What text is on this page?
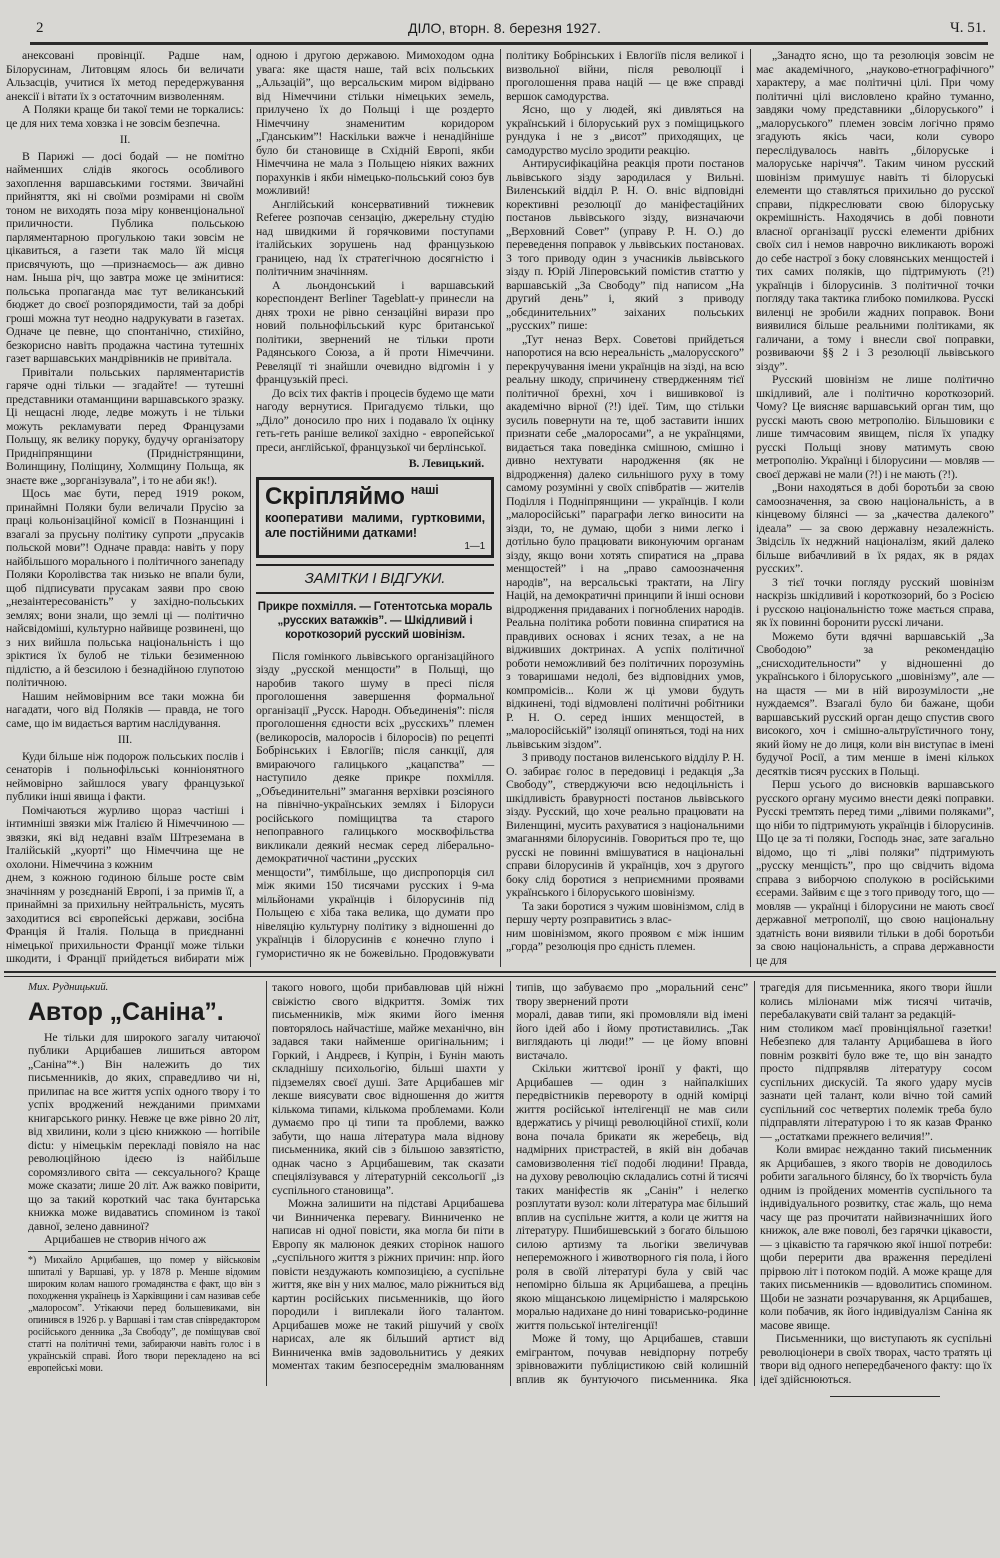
2	ДІЛО, вторн. 8. березня 1927.	Ч. 51.

анексовані провінції. Радше нам, Білорусинам, Литовцям ялось би величати Альзасців, учитися їх метод передержування анексії і вітати їх з остаточним визволенням.

А Поляки краще би такої теми не торкались: це для них тема ховзка і не зовсім безпечна.

II.

В Парижі — досі бодай — не помітно найменших слідів якогось особливого захоплення варшавськими гостями. Звичайні прийняття, які ні своїми розмірами ні своїм тоном не виходять поза міру конвенціональної приличности. Публика польською парляментарною прогулькою таки зовсім не цікавиться, а газети так мало їй місця присвячують, що —признаємось— аж дивно нам. Іньша річ, що завтра може це змінитися: польська пропаганда має тут великанський бюджет до своєї розпорядимости, тай за добрі гроші можна тут неодно надрукувати в газетах. Одначе це певне, що спонтанічно, стихійно, безкорисно навіть продажна частина тутешніх газет варшавських мандрівників не привітала.

Привітали польських парляментаристів гаряче одні тільки — згадайте! — тутешні представники отаманщини варшавського зразку. Ці нещасні люде, ледве можуть і не тільки можуть рекламувати перед Французами Польщу, як велику поруку, будучу організатору Придніпрянщини (Придністрянщини, Волинщину, Поліщину, Холмщину Польща, як знаєте вже „зорганізувала”, і то не аби як!).

Щось має бути, перед 1919 роком, принаймні Поляки були величали Прусію за праці кольонізаційної комісії в Познанщині і взагалі за прусьну політику супроти „прусаків польской мови”! Одначе правда: навіть у пору найбільшого морального і політичного занепаду Поляки Королівства так низько не впали були, щоб підписувати прусакам заяви про свою „незаінтересованість” у західно-польських землях; вони знали, що землі ці — політично найсвідоміші, культурно найвище розвинені, що з них вийшла польська національність і що зріктися їх булоб не тільки безименною підлістю, а й безсилою і безнадійною глупотою політичною.

Нашим неймовірним все таки можна би нагадати, чого від Поляків — правда, не того саме, що ім видається вартим наслідування.

III.

Куди більше ніж подорож польських послів і сенаторів і польнофільські конніонятного неймовірно зайшлося увагу французької публики інші явища і факти.

Помічаються журливо щораз частіші і інтимніші звязки між Італією й Німеччиною — звязки, які від недавні взаїм Штреземана в Італійській „куорті” що Німеччина ще не охолони. Німеччина з кожним

днем, з кожною годиною більше росте свім значінням у розєднаній Европі, і за примів її, а принаймні за прихильну нейтральність, мусять заходитися всі європейські держави, зосібна Франція й Італія. Польща в приєднанні німецької прихильности Франції може тільки шкодити, і Франції прийдеться вибирати між одною і другою державою. Мимоходом одна увага: яке щастя наше, тай всіх польських „Альзацій”, що версальским миром відірвано від Німеччини стільки німецьких земель, прилучено їх до Польщі і ще роздерто Німеччину знаменитим коридором „Гданським”! Наскільки важче і ненадійніше було би становище в Східній Европі, якби Німеччина не мала з Польщею ніяких важних порахунків і якби німецько-польський союз був можливий!

Англійський консервативний тижневик Referee розпочав сензацію, джерельну студію над швидкими й горячковими поступами італійських зорушень над французькою границею, над їх стратегічною досягністю і політичним значінням.

А льондонський і варшавський кореспондент Berliner Tageblatt-у принесли на днях трохи не рівно сензаційні вирази про новий польнофільський курс британської політики, звернений не тільки проти Радянського Союза, а й проти Німеччини. Ревеляції ті знайшли очевидно відгомін і у французькій пресі.

До всіх тих фактів і процесів будемо ще мати нагоду вернутися. Пригадуємо тільки, що „Діло” доносило про них і подавало їх оцінку геть-геть раніше великої західно - европейської преси, англійської, французької чи берлінської.

В. Левицький.
Скріпляймо наші кооперативи малими, гуртковими, але постійними датками!
1—1
ЗАМІТКИ І ВІДГУКИ.
Прикре похмілля. — Готентотська мораль „русских ватажків”. — Шкідливий і короткозорий русский шовінізм.

Після гомінкого львівського організаційного зізду „русской менщости” в Польщі, що наробив такого шуму в пресі після проголошення завершення формальної організації „Русск. Народн. Объединенія”: після проголошення єдности всіх „русскихъ” племен (великоросів, малоросів і білоросів) по рецепті Бобрінських і Евлогіїв; після санкції, для вмираючого галицького „кацапства” — наступило деяке прикре похмілля. „Объединительні” змагання верхівки розсіяного на північно-українських землях і Білоруси російського поміщицтва та старого непоправного галицького москвофільства викликали деякий несмак серед ліберально-демократичної частини „русских

менщости”, тимбільше, що диспропорція сил між якими 150 тисячами русских і 9-ма мільйонами українців і білорусинів під Польщею є хіба така велика, що думати про нівеляцію культурну політику з відношенні до українців і білорусинів є конечно глупо і гумористично як не божевільно. Продовжувати політику Бобрінських і Евлогіїв після великої і визвольної війни, після революції і проголошення права націй — це вже справді вершок самодурства.

Ясно, що у людей, які дивляться на український і білоруський рух з поміщицького рундука і не з „висот” приходящих, це самодурство мусіло зродити реакцію.

Антирусифікаційна реакція проти постанов львівського зізду зародилася у Вильні. Виленський відділ Р. Н. О. вніс відповідні корективні резолюції до маніфестаційних постанов львівського зізду, визначаючи „Верховний Совет” (управу Р. Н. О.) до переведення поправок у львівських постановах. З того приводу один з учасників львівського зізду п. Юрій Ліперовський помістив статтю у варшавській „За Свободу” під написом „На другий день” і, який з приводу „обєдинительних” заіханих польських „русских” пише:

„Тут неназ Верх. Советові прийдеться напоротися на всю нереальність „малорусского” перекручування імени українців на зізді, на всю реальну шкоду, спричинену ствердженням тієї політичної брехні, хоч і вишивкової із академічно вірної (?!) ідеї. Тим, що стільки зусиль повернути на те, щоб заставити інших признати себе „малоросами”, а не українцями, видається така поведінка смішною, смішно і дивно нехтувати народження (як не відродження) далеко сильнішого руху в тому самому розумінні у своїх співбратів — жителів Поділля і Подніпрянщини — українців. І коли „малоросійські” параграфи легко виносити на зізди, то, не думаю, щоби з ними легко і дотільно було працювати виконуючим органам зізду, якщо вони хотять спиратися на „права менщостей” і на „право самоозначення народів”, на версальські трактати, на Лігу Націй, на демократичні принципи й інші основи відродження придаваних і погноблених народів. Реальна політика роботи повинна спиратися на правдивих основах і ясних тезах, а не на відживших доктринах. А успіх політичної роботи неможливий без політичних порозумінь з товаришами недолі, без відповідних умов, компромісів... Коли ж ці умови будуть відкинені, тоді відмовлені політичні робітники Р. Н. О. серед інших менщостей, в „малоросійській” ізоляції опиняться, тоді на них львівським зіздом”.

З приводу постанов виленського відділу Р. Н. О. забирає голос в передовиці і редакція „За Свободу”, стверджуючи всю недоцільність і шкідливість бравурності постанов львівського зізду. Русский, що хоче реально працювати на Виленщині, мусить рахуватися з національними змаганнями білорусинів. Говориться про те, що русскі не повинні вмішуватися в національні справи білорусинів й українців, хоч з другого боку слід боротися з неприємними проявами українського і білоруського шовінізму.

Та заки боротися з чужим шовінізмом, слід в першу черту розправитись з влас-

ним шовінізмом, якого проявом є між іншим „горда” резолюція про єдність племен.

„Занадто ясно, що та резолюція зовсім не має академічного, „науково-етнографічного” характеру, а має політичні цілі. При чому політичні цілі висловлено крайно туманно, завдяки чому представники „білоруського” і „малоруського” племен зовсім логічно прямо згадують якісь часи, коли суворо переслідувалось навіть „білоруське і малоруське наріччя”. Таким чином русский шовінізм примушує навіть ті білоруські елементи що ставляться прихильно до русскої справи, підкреслювати свою білоруську окремішність. Находячись в добі повноти власної організації русскі елементи дрібних своїх сил і немов наврочно викликають ворожі до себе настрої з боку словянських менщостей і тих самих поляків, що підтримують (?!) українців і білорусинів. З політичної точки погляду така тактика глибоко помилкова. Русскі виленці не зробили жадних поправок. Вони виявилися більше реальними політиками, як галичани, а тому і внесли свої поправки, розвиваючи §§ 2 і 3 резолюції львівського зізду”.

Русский шовінізм не лише політично шкідливий, але і політично короткозорий. Чому? Це виясняє варшавський орган тим, що русскі мають свою метрополію. Більшовики є лише тимчасовим явищем, після їх упадку русскі Польщі знову матимуть свою метрополію. Українці і білорусини — мовляв — своєї державі не мали (?!) і не мають (?!).

„Вони находяться в добі боротьби за свою самоозначення, за свою національність, а в кінцевому білянсі — за „качества далекого” ідеала” — за свою державну незалежність. Звідсіль їх неджний націоналізм, який далеко більше вибачливий в їх рядах, як в рядах русских”.

З тієї точки погляду русский шовінізм наскрізь шкідливий і короткозорий, бо з Росією і русскою національністю тоже мається справа, як їх повинні боронити русскі личани.

Можемо бути вдячні варшавській „За Свободою” за рекомендацію „снисходительности” у відношенні до українського і білоруського „шовінізму”, але — на щастя — ми в ній вирозумілости „не нуждаемся”. Взагалі було би бажане, щоби варшавський русский орган дещо спустив свого високого, хоч і смішно-альтруїстичного тону, який йому не до лиця, коли він виступає в імені будучої Росії, а тим менше в імені кількох десятків тисяч русских в Польщі.

Перш усього до висновків варшавського русского органу мусимо внести деякі поправки. Русскі тремтять перед тими „лівими поляками”, що ніби то підтримують українців і білорусинів. Що це за ті поляки, Господь знає, зате загально відомо, що ті „ліві поляки” підтримують „русску менщість”, про що свідчить відома справа з виборчою сполукою в російськими єсерами. Зайвим є ще з того приводу того, що — мовляв — українці і білорусини не мають своєї державної метрополії, що свою національну здатність вони виявили тільки в добі боротьби за свою національність, а справа державности це для

Мих. Рудницький.
Автор „Саніна”.

Не тільки для широкого загалу читаючої публики Арцибашев лишиться автором „Саніна”*.) Він належить до тих письменників, до яких, справедливо чи ні, прилипає на все життя успіх одного твору і то успіх вроджений нежданими примхами книгарського ринку. Невже це вже рівно 20 літ, від хвилини, коли з цією книжкою — horribile dictu: у німецькім перекладі повіяло на нас революційною ідеєю із найбільше соромязливого світа — сексуального? Краще може сказати; лише 20 літ. Аж важко повірити, що за такий короткий час така бунтарська книжка може видаватись спомином із такої давної, зелено давниної?

Арцибашев не створив нічого аж

*) Михайло Арцибашев, що помер у військовім шпиталі у Варшаві, ур. у 1878 р. Менше відомим широким колам нашого громадянства є факт, що він з походження українець із Харківщини і сам називав себе „малоросом”. Утікаючи перед большевиками, він опинився в 1926 р. у Варшаві і там став співредактором російського денника „За Свободу”, де поміщував свої статті на політичні теми, забираючи навіть голос і в українській справі. Його твори перекладено на всі европейські мови.

такого нового, щоби прибавлював цій ніжні свіжістю свого відкриття. Зоміж тих письменників, між якими його імення повторялось найчастіше, майже механічно, він задався таки найменше оригінальним; і Горкий, і Андреєв, і Купрін, і Бунін мають складнішу психольогію, більші шахти у підземелях своєї душі. Зате Арцибашев міг лекше виясувати своє відношення до життя кількома типами, кількома проблемами. Коли думаємо про ці типи та проблеми, важко забути, що наша література мала віднову письменника, який сів з більшою завзятістю, однак часно з Арцибашевим, так сказати спеціялізувався у літературній сексольогії „із суспільного становища”.

Можна залишити на підставі Арцибашева чи Винниченка перевагу. Винниченко не написав ні одної повісти, яка могла би піти в Европу як малюнок деяких сторінок нашого „суспільного життя з ріжних причин: нпр. його повісти нездужають композицією, а суспільне життя, яке він у них малює, мало ріжниться від картин російських письменників, що його породили і виплекали його талантом. Арцибашев може не такий рішучий у своїх нарисах, але як більший артист від Винниченка вмів задовольнитись у деяких моментах таким безпосереднім змалюванням типів, що забуваємо про „моральний сенс” твору звернений проти

моралі, давав типи, які промовляли від імені його ідей або і йому протиставились. „Так виглядають ці люди!” — це йому вповні вистачало.

Скільки життєвої іронії у факті, що Арцибашев — один з найпалкіших передвістників перевороту в одній комірці життя російської інтелігенції не мав сили вдержатись у річищі революційної стихії, коли вона почала брикати як жеребець, від надмірних пристрастей, в якій він добачав самовизволення тієї подобі людини! Правда, на духову революцію складались сотні й тисячі таких маніфестів як „Санін” і нелегко розплутати вузол: коли література має більший вплив на суспільне життя, а коли це життя на літературу. Пшибишевський з богато більшою силою артизму та льогіки звеличував непереможного і животворного гія пола, і його роля в своїй літературі була у свій час непомірно більша як Арцибашева, а прецінь якою міщанською лицемірністю і малярською моралью надихане до нині товарисько-родинне життя польської інтелігенції!

Може й тому, що Арцибашев, ставши емігрантом, почував невідпорну потребу зрівноважити публіцистикою свій колишній вплив як бунтуючого письменника. Яка трагедія для письменника, якого твори йшли колись міліонами між тисячі читачів, перебалакувати свій талант за редакцій-

ним столиком маєї провінціяльної газетки! Небезпеко для таланту Арцибашева в його повнім розквіті було вже те, що він занадто просто підпрявляв літературу сосом суспільних дискусій. Та якого удару мусів зазнати цей талант, коли вічно той самий суспільний сос четвертих полемік треба було підправляти літературою і то як казав Франко — „остатками прежнего величия!”.

Коли вмирає нежданно такий письменник як Арцибашев, з якого творів не доводилось робити загального білянсу, бо їх творчість була одним із пройдених моментів суспільного та індивідуального розвитку, стає жаль, що нема часу ще раз прочитати найвизначніших його книжок, але вже поволі, без гарячки цікавости, — з цікавістю та гарячкою якої іншої потреби: щоби перерити два враження переділені прірвою літ і потоком подій. А може краще для таких письменників — вдоволитись спомином. Щоби не зазнати розчарування, як Арцибашев, коли побачив, як його індивідуалізм Саніна як масове явище.

Письменники, що виступають як суспільні революціонери в своїх творах, часто тратять ці твори від одного непередбаченого факту: що їх ідеї здійснюються.
